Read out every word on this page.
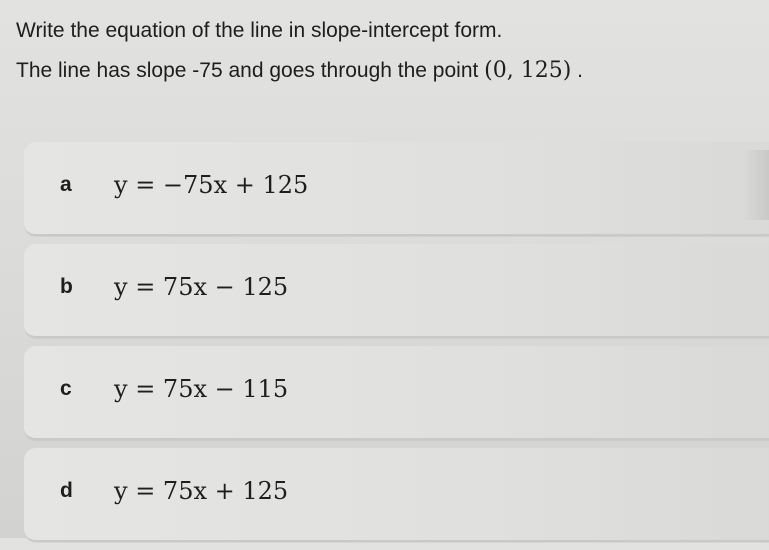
Write the equation of the line in slope-intercept form.

The line has slope -75 and goes through the point (0, 125) .

a y = −75x + 125
b y = 75x − 125
c y = 75x − 115
d y = 75x + 125
